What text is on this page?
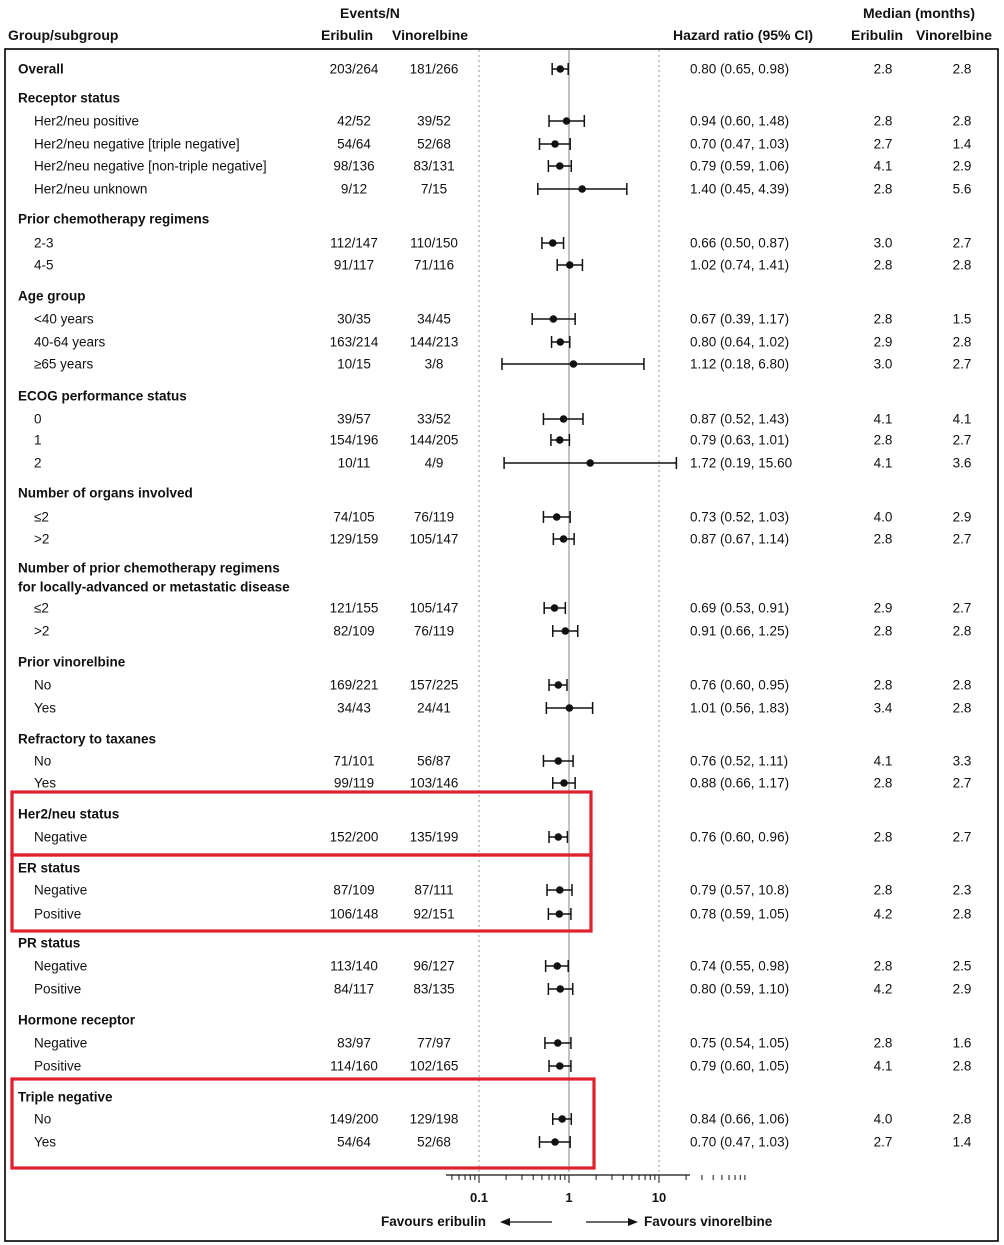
Events/N	Median (months)
Group/subgroup	Eribulin Vinorelbine	Hazard ratio (95% CI)	Eribulin Vinorelbine
Overall	203/264 181/266	0.80 (0.65, 0.98)	2.8	2.8
Receptor status
Her2/neu positive	42/52	39/52	0.94 (0.60, 1.48)	2.8	2.8
Her2/neu negative [triple negative]	54/64	52/68	0.70 (0.47, 1.03)	2.7	1.4
Her2/neu negative [non-triple negative]	98/136	83/131	0.79 (0.59, 1.06)	4.1	2.9
Her2/neu unknown	9/12	7/15	1.40 (0.45, 4.39)	2.8	5.6
Prior chemotherapy regimens
2-3	112/147 110/150	0.66 (0.50, 0.87)	3.0	2.7
4-5	91/117	71/116	1.02 (0.74, 1.41)	2.8	2.8
Age group
<40 years	30/35	34/45	0.67 (0.39, 1.17)	2.8	1.5
40-64 years	163/214 144/213	0.80 (0.64, 1.02)	2.9	2.8
≥65 years	10/15	3/8	1.12 (0.18, 6.80)	3.0	2.7
ECOG performance status
0	39/57	33/52	0.87 (0.52, 1.43)	4.1	4.1
1	154/196 144/205	0.79 (0.63, 1.01)	2.8	2.7
2	10/11	4/9	1.72 (0.19, 15.60	4.1	3.6
Number of organs involved
≤2	74/105	76/119	0.73 (0.52, 1.03)	4.0	2.9
>2	129/159 105/147	0.87 (0.67, 1.14)	2.8	2.7
Number of prior chemotherapy regimens
for locally-advanced or metastatic disease
≤2	121/155 105/147	0.69 (0.53, 0.91)	2.9	2.7
>2	82/109	76/119	0.91 (0.66, 1.25)	2.8	2.8
Prior vinorelbine
No	169/221 157/225	0.76 (0.60, 0.95)	2.8	2.8
Yes	34/43	24/41	1.01 (0.56, 1.83)	3.4	2.8
Refractory to taxanes
No	71/101	56/87	0.76 (0.52, 1.11)	4.1	3.3
Yes	99/119	103/146	0.88 (0.66, 1.17)	2.8	2.7
Her2/neu status
Negative	152/200 135/199	0.76 (0.60, 0.96)	2.8	2.7
ER status
Negative	87/109	87/111	0.79 (0.57, 10.8)	2.8	2.3
Positive	106/148	92/151	0.78 (0.59, 1.05)	4.2	2.8
PR status
Negative	113/140	96/127	0.74 (0.55, 0.98)	2.8	2.5
Positive	84/117	83/135	0.80 (0.59, 1.10)	4.2	2.9
Hormone receptor
Negative	83/97	77/97	0.75 (0.54, 1.05)	2.8	1.6
Positive	114/160 102/165	0.79 (0.60, 1.05)	4.1	2.8
Triple negative
No	149/200 129/198	0.84 (0.66, 1.06)	4.0	2.8
Yes	54/64	52/68	0.70 (0.47, 1.03)	2.7	1.4
0.1	1	10
Favours eribulin	Favours vinorelbine
